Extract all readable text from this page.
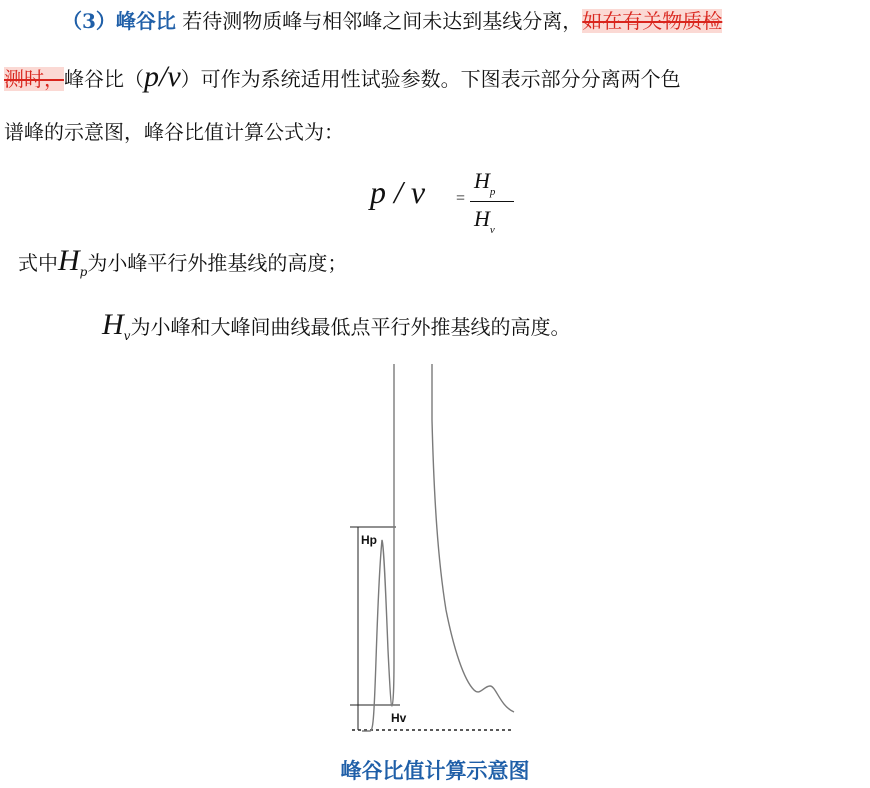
（3）峰谷比 若待测物质峰与相邻峰之间未达到基线分离，如在有关物质检
测时，峰谷比（p/v）可作为系统适用性试验参数。下图表示部分分离两个色
谱峰的示意图，峰谷比值计算公式为：
p / v =
$H_p$
$H_v$
式中$H_p$为小峰平行外推基线的高度；
$H_v$为小峰和大峰间曲线最低点平行外推基线的高度。
Hp
Hv
峰谷比值计算示意图
